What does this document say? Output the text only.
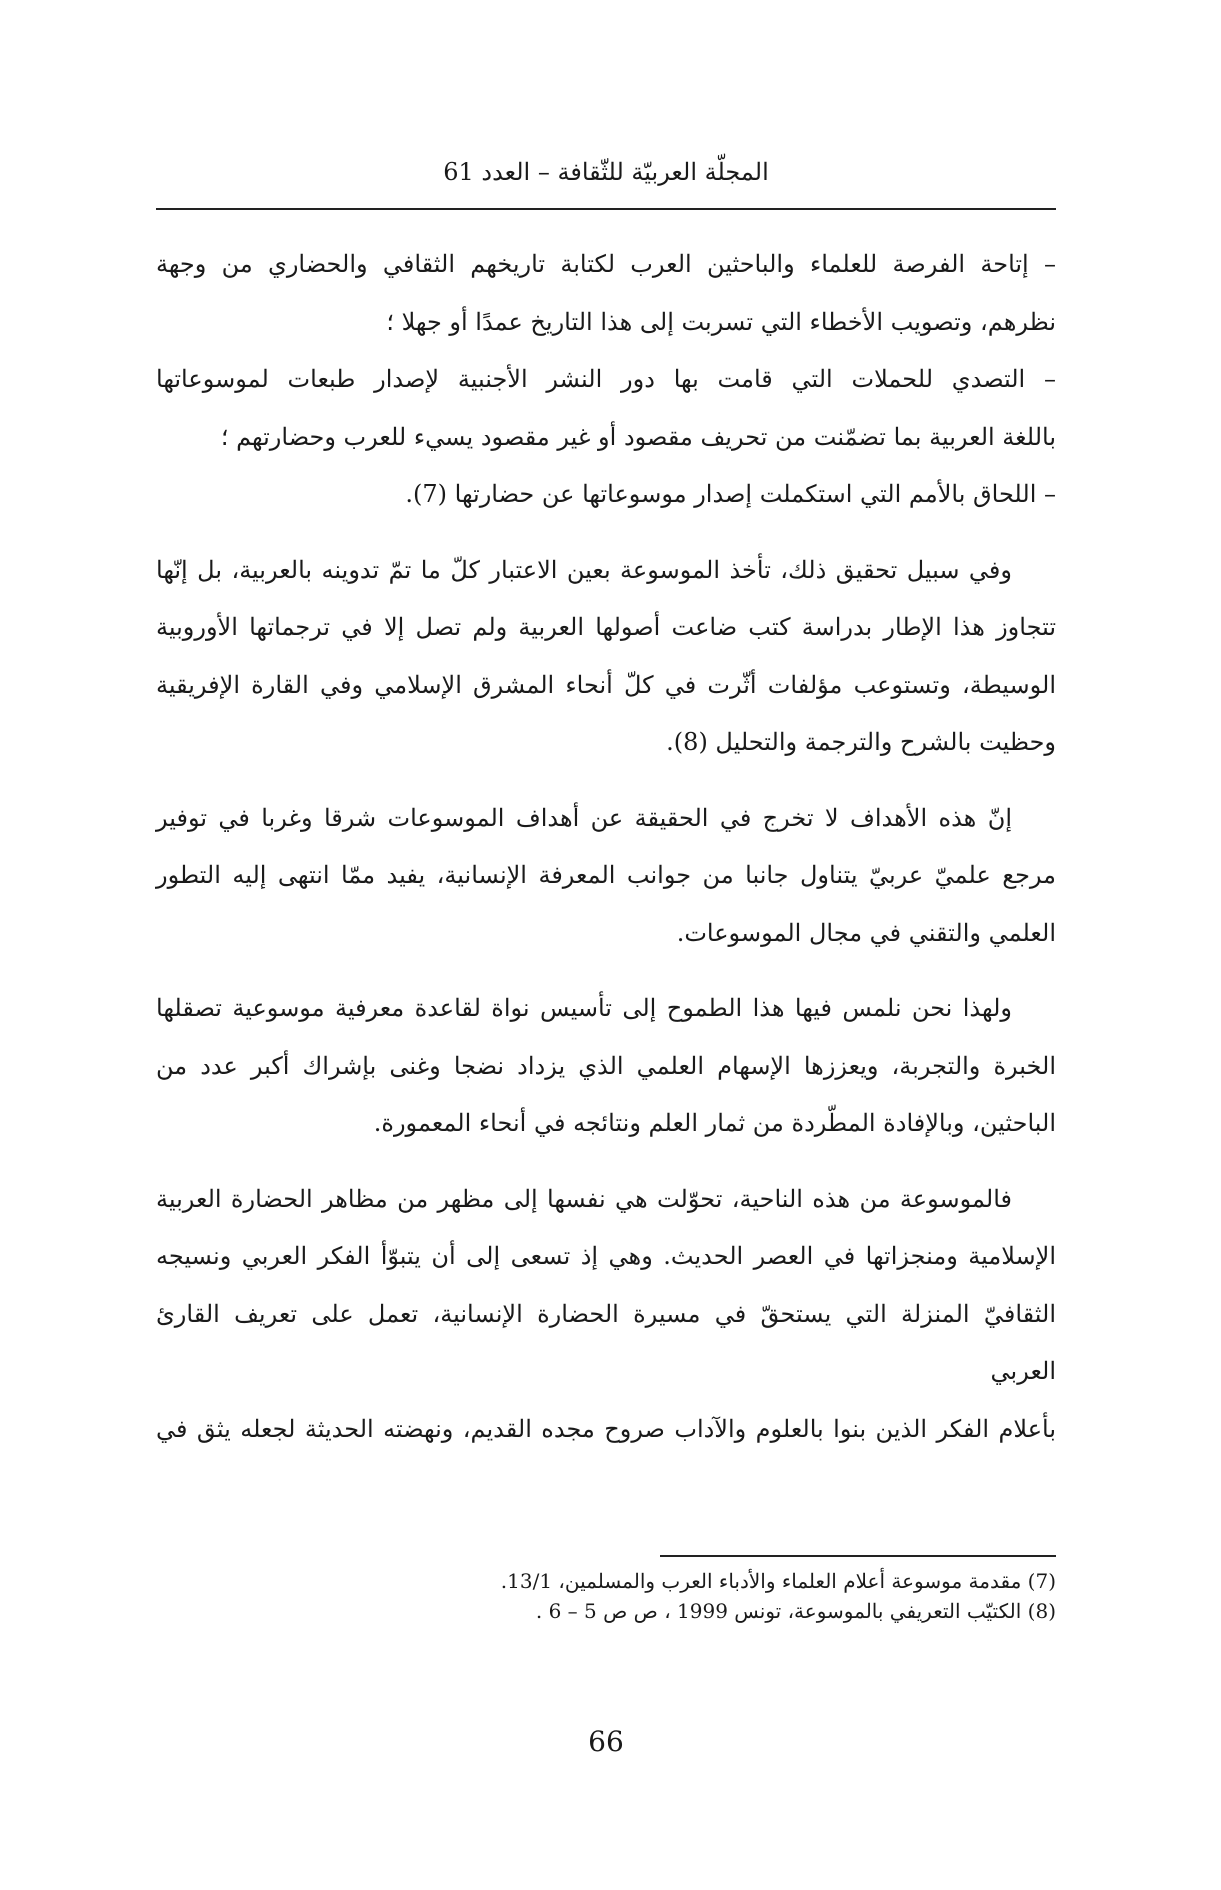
المجلّة العربيّة للثّقافة – العدد 61

– إتاحة الفرصة للعلماء والباحثين العرب لكتابة تاريخهم الثقافي والحضاري من وجهة
نظرهم، وتصويب الأخطاء التي تسربت إلى هذا التاريخ عمدًا أو جهلا ؛

– التصدي للحملات التي قامت بها دور النشر الأجنبية لإصدار طبعات لموسوعاتها
باللغة العربية بما تضمّنت من تحريف مقصود أو غير مقصود يسيء للعرب وحضارتهم ؛

– اللحاق بالأمم التي استكملت إصدار موسوعاتها عن حضارتها (7).

وفي سبيل تحقيق ذلك، تأخذ الموسوعة بعين الاعتبار كلّ ما تمّ تدوينه بالعربية، بل إنّها
تتجاوز هذا الإطار بدراسة كتب ضاعت أصولها العربية ولم تصل إلا في ترجماتها الأوروبية
الوسيطة، وتستوعب مؤلفات أثّرت في كلّ أنحاء المشرق الإسلامي وفي القارة الإفريقية
وحظيت بالشرح والترجمة والتحليل (8).

إنّ هذه الأهداف لا تخرج في الحقيقة عن أهداف الموسوعات شرقا وغربا في توفير
مرجع علميّ عربيّ يتناول جانبا من جوانب المعرفة الإنسانية، يفيد ممّا انتهى إليه التطور
العلمي والتقني في مجال الموسوعات.

ولهذا نحن نلمس فيها هذا الطموح إلى تأسيس نواة لقاعدة معرفية موسوعية تصقلها
الخبرة والتجربة، ويعززها الإسهام العلمي الذي يزداد نضجا وغنى بإشراك أكبر عدد من
الباحثين، وبالإفادة المطّردة من ثمار العلم ونتائجه في أنحاء المعمورة.

فالموسوعة من هذه الناحية، تحوّلت هي نفسها إلى مظهر من مظاهر الحضارة العربية
الإسلامية ومنجزاتها في العصر الحديث. وهي إذ تسعى إلى أن يتبوّأ الفكر العربي ونسيجه
الثقافيّ المنزلة التي يستحقّ في مسيرة الحضارة الإنسانية، تعمل على تعريف القارئ العربي
بأعلام الفكر الذين بنوا بالعلوم والآداب صروح مجده القديم، ونهضته الحديثة لجعله يثق في

(7) مقدمة موسوعة أعلام العلماء والأدباء العرب والمسلمين، 13/1.

(8) الكتيّب التعريفي بالموسوعة، تونس 1999 ، ص ص 5 – 6 .

66
